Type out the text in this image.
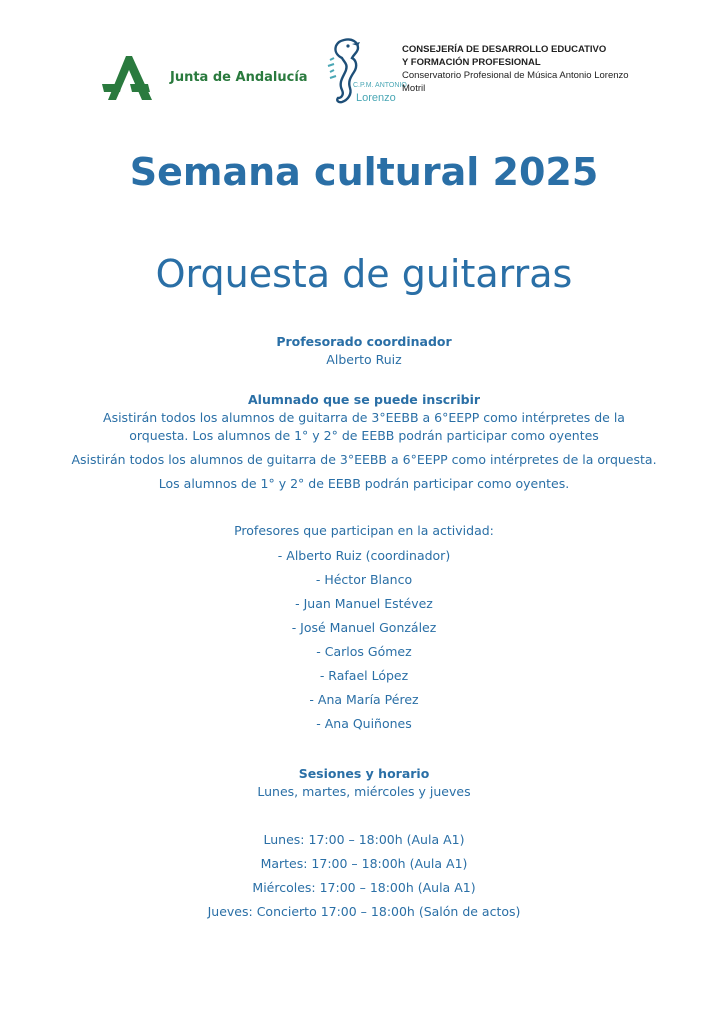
Junta de Andalucía
C.P.M. ANTONIO
Lorenzo
CONSEJERÍA DE DESARROLLO EDUCATIVO
Y FORMACIÓN PROFESIONAL
Conservatorio Profesional de Música Antonio Lorenzo
Motril
Semana cultural 2025
Orquesta de guitarras
Profesorado coordinador
Alberto Ruiz
Alumnado que se puede inscribir
Asistirán todos los alumnos de guitarra de 3°EEBB a 6°EEPP como intérpretes de la orquesta. Los alumnos de 1° y 2° de EEBB podrán participar como oyentes
Asistirán todos los alumnos de guitarra de 3°EEBB a 6°EEPP como intérpretes de la orquesta.
Los alumnos de 1° y 2° de EEBB podrán participar como oyentes.
Profesores que participan en la actividad:
- Alberto Ruiz (coordinador)
- Héctor Blanco
- Juan Manuel Estévez
- José Manuel González
- Carlos Gómez
- Rafael López
- Ana María Pérez
- Ana Quiñones
Sesiones y horario
Lunes, martes, miércoles y jueves
Lunes: 17:00 – 18:00h (Aula A1)
Martes: 17:00 – 18:00h (Aula A1)
Miércoles: 17:00 – 18:00h (Aula A1)
Jueves: Concierto 17:00 – 18:00h (Salón de actos)
